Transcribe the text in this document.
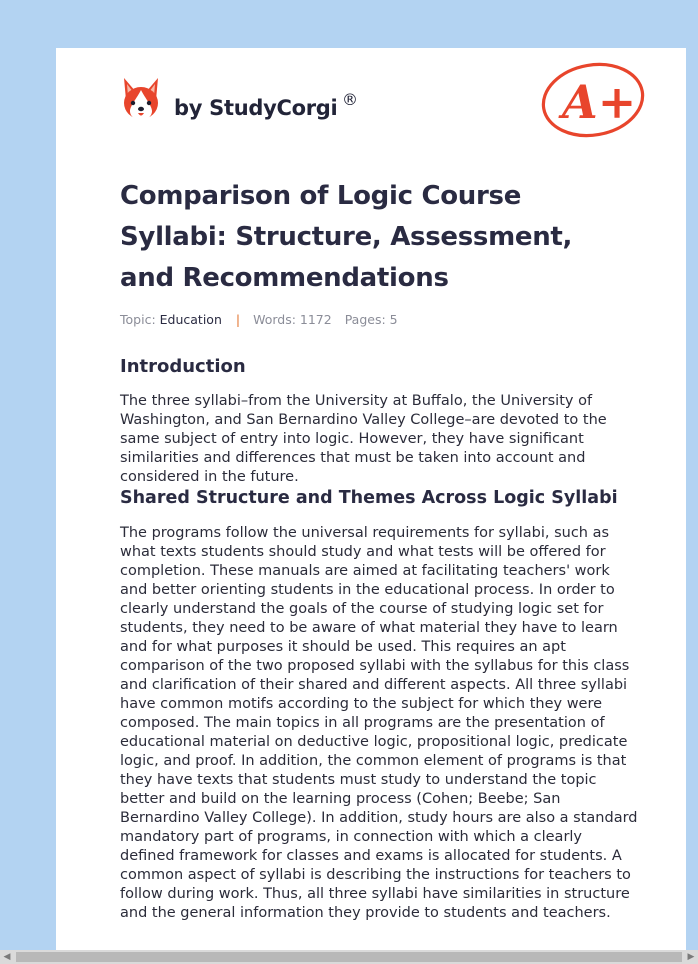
by StudyCorgi ®	A+
Comparison of Logic Course Syllabi: Structure, Assessment, and Recommendations
Topic: Education | Words: 1172 Pages: 5
Introduction

The three syllabi–from the University at Buffalo, the University of Washington, and San Bernardino Valley College–are devoted to the same subject of entry into logic. However, they have significant similarities and differences that must be taken into account and considered in the future.

Shared Structure and Themes Across Logic Syllabi

The programs follow the universal requirements for syllabi, such as what texts students should study and what tests will be offered for completion. These manuals are aimed at facilitating teachers' work and better orienting students in the educational process. In order to clearly understand the goals of the course of studying logic set for students, they need to be aware of what material they have to learn and for what purposes it should be used. This requires an apt comparison of the two proposed syllabi with the syllabus for this class and clarification of their shared and different aspects. All three syllabi have common motifs according to the subject for which they were composed. The main topics in all programs are the presentation of educational material on deductive logic, propositional logic, predicate logic, and proof. In addition, the common element of programs is that they have texts that students must study to understand the topic better and build on the learning process (Cohen; Beebe; San Bernardino Valley College). In addition, study hours are also a standard mandatory part of programs, in connection with which a clearly defined framework for classes and exams is allocated for students. A common aspect of syllabi is describing the instructions for teachers to follow during work. Thus, all three syllabi have similarities in structure and the general information they provide to students and teachers.

◀	▶
